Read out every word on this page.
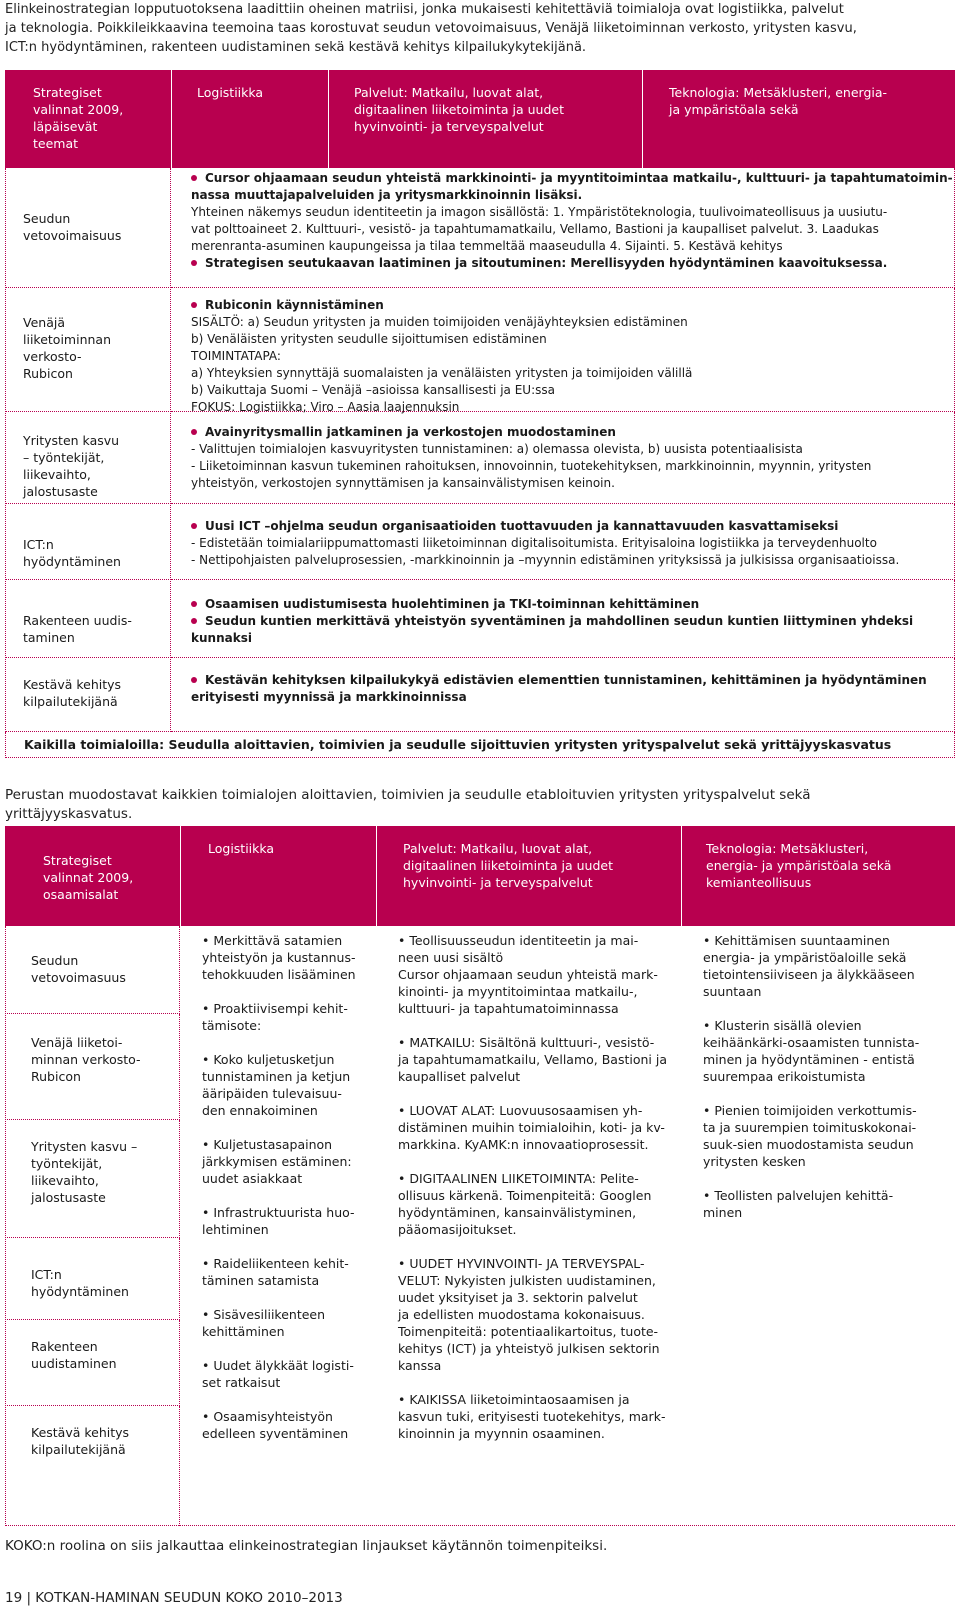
Elinkeinostrategian lopputuotoksena laadittiin oheinen matriisi, jonka mukaisesti kehitettäviä toimialoja ovat logistiikka, palvelut
ja teknologia. Poikkileikkaavina teemoina taas korostuvat seudun vetovoimaisuus, Venäjä liiketoiminnan verkosto, yritysten kasvu,
ICT:n hyödyntäminen, rakenteen uudistaminen sekä kestävä kehitys kilpailukykytekijänä.
Strategiset
valinnat 2009,
läpäisevät
teemat
Logistiikka	Palvelut: Matkailu, luovat alat,
digitaalinen liiketoiminta ja uudet
hyvinvointi- ja terveyspalvelut
Teknologia: Metsäklusteri, energia-
ja ympäristöala sekä
Seudun
vetovoimaisuus
Cursor ohjaamaan seudun yhteistä markkinointi- ja myyntitoimintaa matkailu-, kulttuuri- ja tapahtumatoimin-
nassa muuttajapalveluiden ja yritysmarkkinoinnin lisäksi.
Yhteinen näkemys seudun identiteetin ja imagon sisällöstä: 1. Ympäristöteknologia, tuulivoimateollisuus ja uusiutu-
vat polttoaineet 2. Kulttuuri-, vesistö- ja tapahtumamatkailu, Vellamo, Bastioni ja kaupalliset palvelut. 3. Laadukas
merenranta-asuminen kaupungeissa ja tilaa temmeltää maaseudulla 4. Sijainti. 5. Kestävä kehitys
Strategisen seutukaavan laatiminen ja sitoutuminen: Merellisyyden hyödyntäminen kaavoituksessa.
Venäjä
liiketoiminnan
verkosto-
Rubicon
Rubiconin käynnistäminen
SISÄLTÖ: a) Seudun yritysten ja muiden toimijoiden venäjäyhteyksien edistäminen
b) Venäläisten yritysten seudulle sijoittumisen edistäminen
TOIMINTATAPA:
a) Yhteyksien synnyttäjä suomalaisten ja venäläisten yritysten ja toimijoiden välillä
b) Vaikuttaja Suomi – Venäjä –asioissa kansallisesti ja EU:ssa
FOKUS: Logistiikka; Viro – Aasia laajennuksin
Yritysten kasvu
– työntekijät,
liikevaihto,
jalostusaste
Avainyritysmallin jatkaminen ja verkostojen muodostaminen
- Valittujen toimialojen kasvuyritysten tunnistaminen: a) olemassa olevista, b) uusista potentiaalisista
- Liiketoiminnan kasvun tukeminen rahoituksen, innovoinnin, tuotekehityksen, markkinoinnin, myynnin, yritysten
yhteistyön, verkostojen synnyttämisen ja kansainvälistymisen keinoin.
ICT:n
hyödyntäminen
Uusi ICT –ohjelma seudun organisaatioiden tuottavuuden ja kannattavuuden kasvattamiseksi
- Edistetään toimialariippumattomasti liiketoiminnan digitalisoitumista. Erityisaloina logistiikka ja terveydenhuolto
- Nettipohjaisten palveluprosessien, -markkinoinnin ja –myynnin edistäminen yrityksissä ja julkisissa organisaatioissa.
Rakenteen uudis-
taminen
Osaamisen uudistumisesta huolehtiminen ja TKI-toiminnan kehittäminen
Seudun kuntien merkittävä yhteistyön syventäminen ja mahdollinen seudun kuntien liittyminen yhdeksi
kunnaksi
Kestävä kehitys
kilpailutekijänä
Kestävän kehityksen kilpailukykyä edistävien elementtien tunnistaminen, kehittäminen ja hyödyntäminen
erityisesti myynnissä ja markkinoinnissa
Kaikilla toimialoilla: Seudulla aloittavien, toimivien ja seudulle sijoittuvien yritysten yrityspalvelut sekä yrittäjyyskasvatus
Perustan muodostavat kaikkien toimialojen aloittavien, toimivien ja seudulle etabloituvien yritysten yrityspalvelut sekä
yrittäjyyskasvatus.
Strategiset
valinnat 2009,
osaamisalat
Logistiikka	Palvelut: Matkailu, luovat alat,
digitaalinen liiketoiminta ja uudet
hyvinvointi- ja terveyspalvelut
Teknologia: Metsäklusteri,
energia- ja ympäristöala sekä
kemianteollisuus
Seudun
vetovoimasuus
Venäjä liiketoi-
minnan verkosto-
Rubicon
Yritysten kasvu –
työntekijät,
liikevaihto,
jalostusaste
ICT:n
hyödyntäminen
Rakenteen
uudistaminen
Kestävä kehitys
kilpailutekijänä
• Merkittävä satamien
yhteistyön ja kustannus-
tehokkuuden lisääminen
• Proaktiivisempi kehit-
tämisote:
• Koko kuljetusketjun
tunnistaminen ja ketjun
ääripäiden tulevaisuu-
den ennakoiminen
• Kuljetustasapainon
järkkymisen estäminen:
uudet asiakkaat
• Infrastruktuurista huo-
lehtiminen
• Raideliikenteen kehit-
täminen satamista
• Sisävesiliikenteen
kehittäminen
• Uudet älykkäät logisti-
set ratkaisut
• Osaamisyhteistyön
edelleen syventäminen
• Teollisuusseudun identiteetin ja mai-
neen uusi sisältö
Cursor ohjaamaan seudun yhteistä mark-
kinointi- ja myyntitoimintaa matkailu-,
kulttuuri- ja tapahtumatoiminnassa
• MATKAILU: Sisältönä kulttuuri-, vesistö-
ja tapahtumamatkailu, Vellamo, Bastioni ja
kaupalliset palvelut
• LUOVAT ALAT: Luovuusosaamisen yh-
distäminen muihin toimialoihin, koti- ja kv-
markkina. KyAMK:n innovaatioprosessit.
• DIGITAALINEN LIIKETOIMINTA: Pelite-
ollisuus kärkenä. Toimenpiteitä: Googlen
hyödyntäminen, kansainvälistyminen,
pääomasijoitukset.
• UUDET HYVINVOINTI- JA TERVEYSPAL-
VELUT: Nykyisten julkisten uudistaminen,
uudet yksityiset ja 3. sektorin palvelut
ja edellisten muodostama kokonaisuus.
Toimenpiteitä: potentiaalikartoitus, tuote-
kehitys (ICT) ja yhteistyö julkisen sektorin
kanssa
• KAIKISSA liiketoimintaosaamisen ja
kasvun tuki, erityisesti tuotekehitys, mark-
kinoinnin ja myynnin osaaminen.
• Kehittämisen suuntaaminen
energia- ja ympäristöaloille sekä
tietointensiiviseen ja älykkääseen
suuntaan
• Klusterin sisällä olevien
keihäänkärki-osaamisten tunnista-
minen ja hyödyntäminen - entistä
suurempaa erikoistumista
• Pienien toimijoiden verkottumis-
ta ja suurempien toimituskokonai-
suuk-sien muodostamista seudun
yritysten kesken
• Teollisten palvelujen kehittä-
minen
KOKO:n roolina on siis jalkauttaa elinkeinostrategian linjaukset käytännön toimenpiteiksi.
19 | KOTKAN-HAMINAN SEUDUN KOKO 2010–2013
